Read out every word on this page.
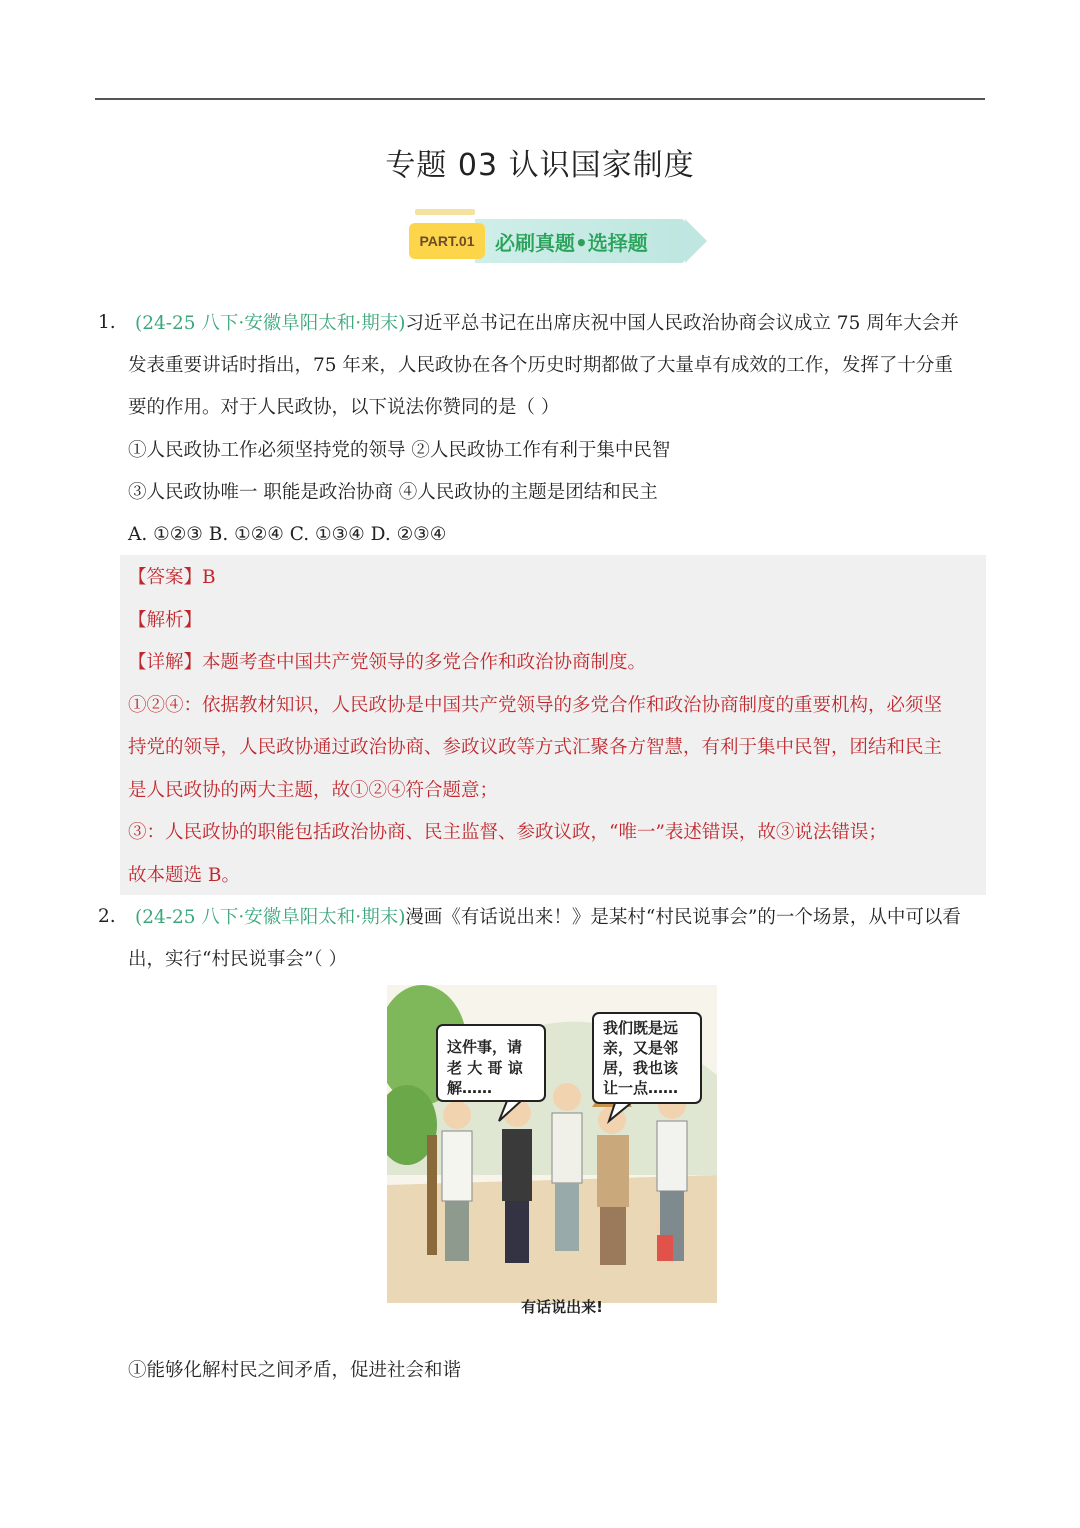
专题 03 认识国家制度
PART.01	必刷真题•选择题
1. (24-25 八下·安徽阜阳太和·期末)习近平总书记在出席庆祝中国人民政治协商会议成立 75 周年大会并
发表重要讲话时指出，75 年来，人民政协在各个历史时期都做了大量卓有成效的工作，发挥了十分重
要的作用。对于人民政协，以下说法你赞同的是（ ）
①人民政协工作必须坚持党的领导 ②人民政协工作有利于集中民智
③人民政协唯一 职能是政治协商 ④人民政协的主题是团结和民主
A. ①②③ B. ①②④ C. ①③④ D. ②③④
【答案】B
【解析】
【详解】本题考查中国共产党领导的多党合作和政治协商制度。
①②④：依据教材知识，人民政协是中国共产党领导的多党合作和政治协商制度的重要机构，必须坚
持党的领导，人民政协通过政治协商、参政议政等方式汇聚各方智慧，有利于集中民智，团结和民主
是人民政协的两大主题，故①②④符合题意；
③：人民政协的职能包括政治协商、民主监督、参政议政，“唯一”表述错误，故③说法错误；
故本题选 B。
2. (24-25 八下·安徽阜阳太和·期末)漫画《有话说出来！》是某村“村民说事会”的一个场景，从中可以看
出，实行“村民说事会”（ ）
这件事，请
老 大 哥 谅
解……
我们既是远
亲，又是邻
居，我也该
让一点……
有话说出来!
①能够化解村民之间矛盾，促进社会和谐
